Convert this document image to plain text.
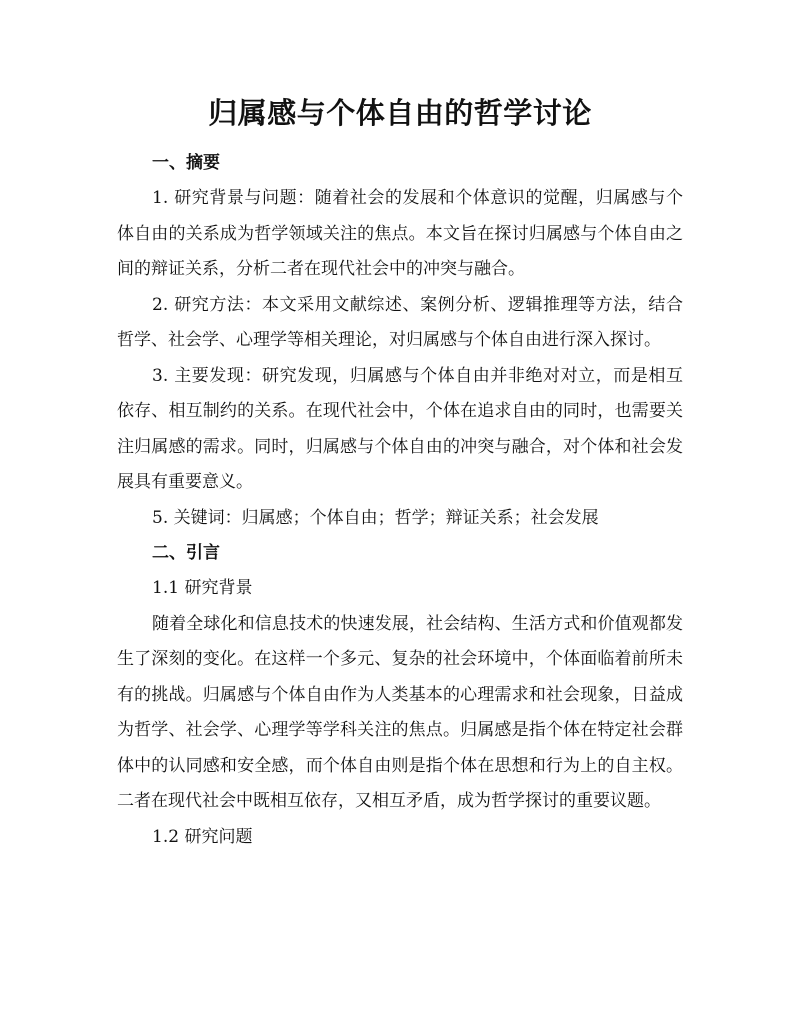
归属感与个体自由的哲学讨论

一、摘要

1. 研究背景与问题：随着社会的发展和个体意识的觉醒，归属感与个体自由的关系成为哲学领域关注的焦点。本文旨在探讨归属感与个体自由之间的辩证关系，分析二者在现代社会中的冲突与融合。

2. 研究方法：本文采用文献综述、案例分析、逻辑推理等方法，结合哲学、社会学、心理学等相关理论，对归属感与个体自由进行深入探讨。

3. 主要发现：研究发现，归属感与个体自由并非绝对对立，而是相互依存、相互制约的关系。在现代社会中，个体在追求自由的同时，也需要关注归属感的需求。同时，归属感与个体自由的冲突与融合，对个体和社会发展具有重要意义。

5. 关键词：归属感；个体自由；哲学；辩证关系；社会发展

二、引言

1.1 研究背景

随着全球化和信息技术的快速发展，社会结构、生活方式和价值观都发生了深刻的变化。在这样一个多元、复杂的社会环境中，个体面临着前所未有的挑战。归属感与个体自由作为人类基本的心理需求和社会现象，日益成为哲学、社会学、心理学等学科关注的焦点。归属感是指个体在特定社会群体中的认同感和安全感，而个体自由则是指个体在思想和行为上的自主权。二者在现代社会中既相互依存，又相互矛盾，成为哲学探讨的重要议题。

1.2 研究问题
